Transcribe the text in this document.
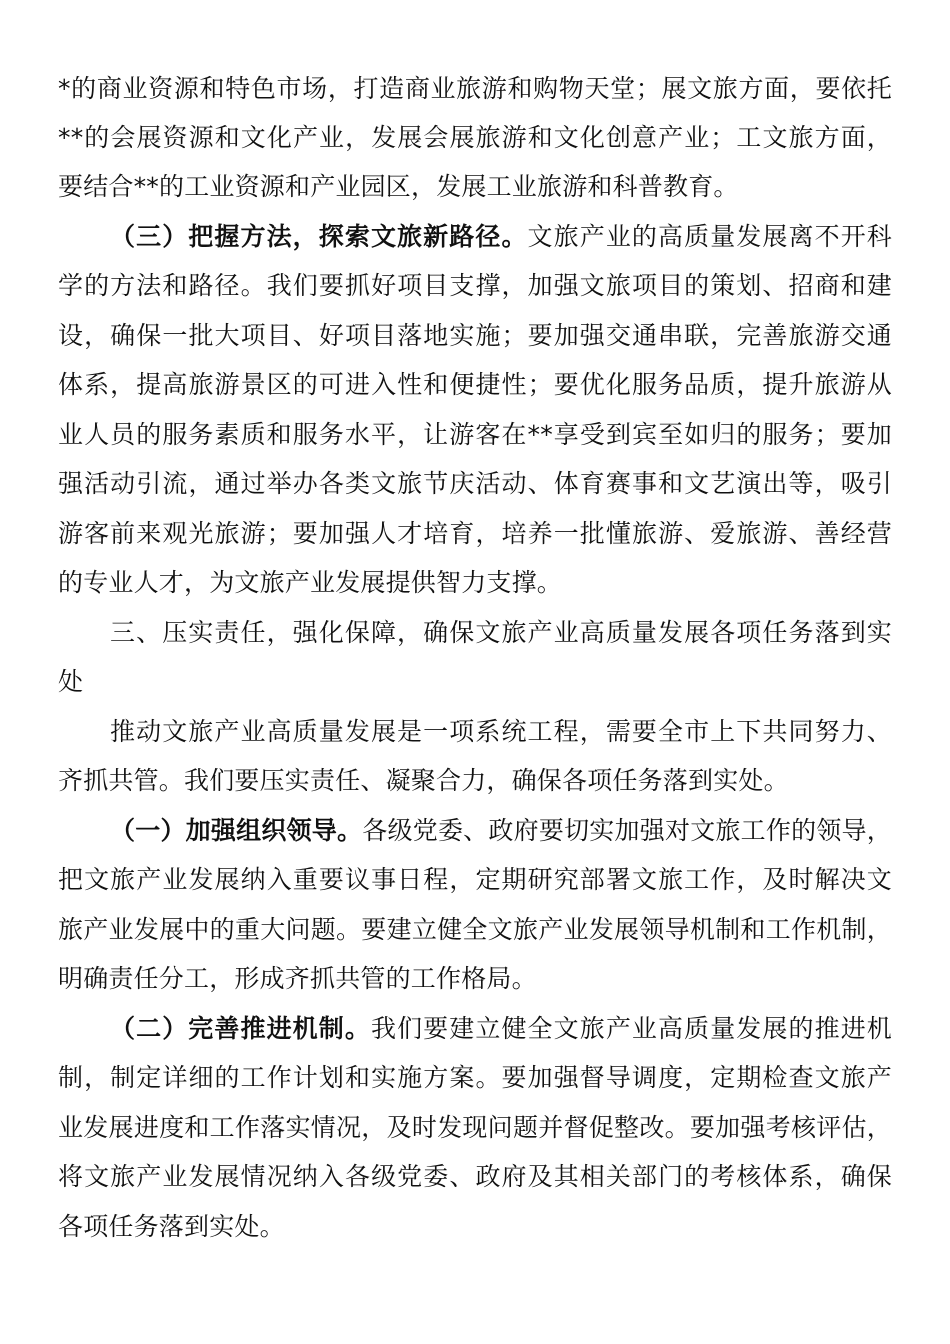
*的商业资源和特色市场，打造商业旅游和购物天堂；展文旅方面，要依托
**的会展资源和文化产业，发展会展旅游和文化创意产业；工文旅方面，
要结合**的工业资源和产业园区，发展工业旅游和科普教育。
（三）把握方法，探索文旅新路径。文旅产业的高质量发展离不开科
学的方法和路径。我们要抓好项目支撑，加强文旅项目的策划、招商和建
设，确保一批大项目、好项目落地实施；要加强交通串联，完善旅游交通
体系，提高旅游景区的可进入性和便捷性；要优化服务品质，提升旅游从
业人员的服务素质和服务水平，让游客在**享受到宾至如归的服务；要加
强活动引流，通过举办各类文旅节庆活动、体育赛事和文艺演出等，吸引
游客前来观光旅游；要加强人才培育，培养一批懂旅游、爱旅游、善经营
的专业人才，为文旅产业发展提供智力支撑。
三、压实责任，强化保障，确保文旅产业高质量发展各项任务落到实
处
推动文旅产业高质量发展是一项系统工程，需要全市上下共同努力、
齐抓共管。我们要压实责任、凝聚合力，确保各项任务落到实处。
（一）加强组织领导。各级党委、政府要切实加强对文旅工作的领导，
把文旅产业发展纳入重要议事日程，定期研究部署文旅工作，及时解决文
旅产业发展中的重大问题。要建立健全文旅产业发展领导机制和工作机制，
明确责任分工，形成齐抓共管的工作格局。
（二）完善推进机制。我们要建立健全文旅产业高质量发展的推进机
制，制定详细的工作计划和实施方案。要加强督导调度，定期检查文旅产
业发展进度和工作落实情况，及时发现问题并督促整改。要加强考核评估，
将文旅产业发展情况纳入各级党委、政府及其相关部门的考核体系，确保
各项任务落到实处。
